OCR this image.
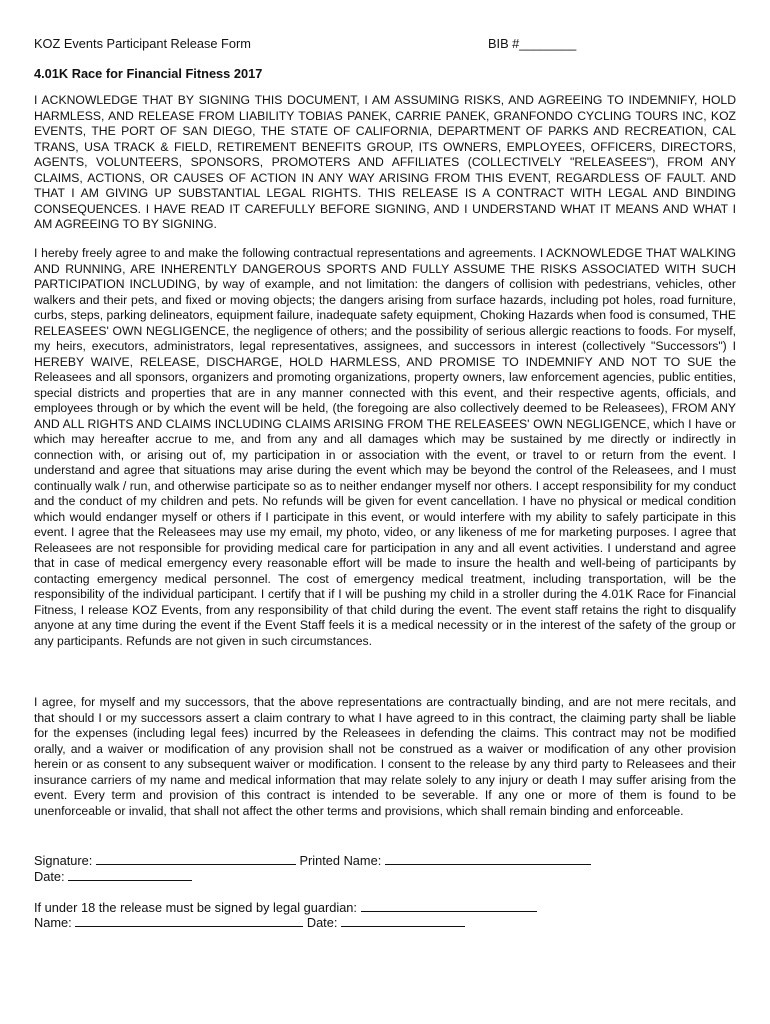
KOZ Events Participant Release Form	BIB #________
4.01K Race for Financial Fitness 2017

I ACKNOWLEDGE THAT BY SIGNING THIS DOCUMENT, I AM ASSUMING RISKS, AND AGREEING TO INDEMNIFY, HOLD HARMLESS, AND RELEASE FROM LIABILITY TOBIAS PANEK, CARRIE PANEK, GRANFONDO CYCLING TOURS INC, KOZ EVENTS, THE PORT OF SAN DIEGO, THE STATE OF CALIFORNIA, DEPARTMENT OF PARKS AND RECREATION, CAL TRANS, USA TRACK & FIELD, RETIREMENT BENEFITS GROUP, ITS OWNERS, EMPLOYEES, OFFICERS, DIRECTORS, AGENTS, VOLUNTEERS, SPONSORS, PROMOTERS AND AFFILIATES (COLLECTIVELY "RELEASEES"), FROM ANY CLAIMS, ACTIONS, OR CAUSES OF ACTION IN ANY WAY ARISING FROM THIS EVENT, REGARDLESS OF FAULT. AND THAT I AM GIVING UP SUBSTANTIAL LEGAL RIGHTS. THIS RELEASE IS A CONTRACT WITH LEGAL AND BINDING CONSEQUENCES. I HAVE READ IT CAREFULLY BEFORE SIGNING, AND I UNDERSTAND WHAT IT MEANS AND WHAT I AM AGREEING TO BY SIGNING.

I hereby freely agree to and make the following contractual representations and agreements. I ACKNOWLEDGE THAT WALKING AND RUNNING, ARE INHERENTLY DANGEROUS SPORTS AND FULLY ASSUME THE RISKS ASSOCIATED WITH SUCH PARTICIPATION INCLUDING, by way of example, and not limitation: the dangers of collision with pedestrians, vehicles, other walkers and their pets, and fixed or moving objects; the dangers arising from surface hazards, including pot holes, road furniture, curbs, steps, parking delineators, equipment failure, inadequate safety equipment, Choking Hazards when food is consumed, THE RELEASEES' OWN NEGLIGENCE, the negligence of others; and the possibility of serious allergic reactions to foods. For myself, my heirs, executors, administrators, legal representatives, assignees, and successors in interest (collectively "Successors") I HEREBY WAIVE, RELEASE, DISCHARGE, HOLD HARMLESS, AND PROMISE TO INDEMNIFY AND NOT TO SUE the Releasees and all sponsors, organizers and promoting organizations, property owners, law enforcement agencies, public entities, special districts and properties that are in any manner connected with this event, and their respective agents, officials, and employees through or by which the event will be held, (the foregoing are also collectively deemed to be Releasees), FROM ANY AND ALL RIGHTS AND CLAIMS INCLUDING CLAIMS ARISING FROM THE RELEASEES' OWN NEGLIGENCE, which I have or which may hereafter accrue to me, and from any and all damages which may be sustained by me directly or indirectly in connection with, or arising out of, my participation in or association with the event, or travel to or return from the event. I understand and agree that situations may arise during the event which may be beyond the control of the Releasees, and I must continually walk / run, and otherwise participate so as to neither endanger myself nor others. I accept responsibility for my conduct and the conduct of my children and pets. No refunds will be given for event cancellation. I have no physical or medical condition which would endanger myself or others if I participate in this event, or would interfere with my ability to safely participate in this event. I agree that the Releasees may use my email, my photo, video, or any likeness of me for marketing purposes. I agree that Releasees are not responsible for providing medical care for participation in any and all event activities. I understand and agree that in case of medical emergency every reasonable effort will be made to insure the health and well-being of participants by contacting emergency medical personnel. The cost of emergency medical treatment, including transportation, will be the responsibility of the individual participant. I certify that if I will be pushing my child in a stroller during the 4.01K Race for Financial Fitness, I release KOZ Events, from any responsibility of that child during the event. The event staff retains the right to disqualify anyone at any time during the event if the Event Staff feels it is a medical necessity or in the interest of the safety of the group or any participants. Refunds are not given in such circumstances.

I agree, for myself and my successors, that the above representations are contractually binding, and are not mere recitals, and that should I or my successors assert a claim contrary to what I have agreed to in this contract, the claiming party shall be liable for the expenses (including legal fees) incurred by the Releasees in defending the claims. This contract may not be modified orally, and a waiver or modification of any provision shall not be construed as a waiver or modification of any other provision herein or as consent to any subsequent waiver or modification. I consent to the release by any third party to Releasees and their insurance carriers of my name and medical information that may relate solely to any injury or death I may suffer arising from the event. Every term and provision of this contract is intended to be severable. If any one or more of them is found to be unenforceable or invalid, that shall not affect the other terms and provisions, which shall remain binding and enforceable.

Signature:	Printed Name:

Date:

If under 18 the release must be signed by legal guardian:

Name:	Date:
